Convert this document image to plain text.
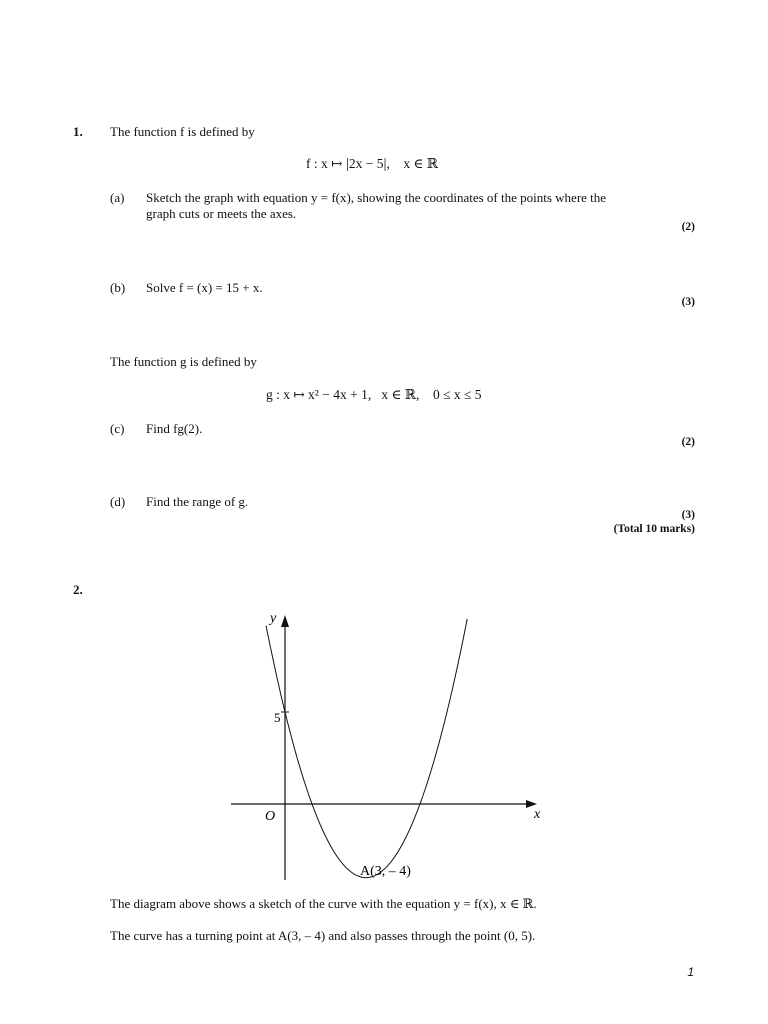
1. The function f is defined by
f : x ↦ |2x − 5|,    x ∈ ℝ
(a) Sketch the graph with equation y = f(x), showing the coordinates of the points where the
graph cuts or meets the axes.
(2)
(b) Solve f = (x) = 15 + x.
(3)
The function g is defined by
g : x ↦ x² − 4x + 1, x ∈ ℝ, 0 ≤ x ≤ 5
(c) Find fg(2).
(2)
(d) Find the range of g.
(3)
(Total 10 marks)
2.
y
x
O
5
A(3, – 4)
The diagram above shows a sketch of the curve with the equation y = f(x), x ∈ ℝ.
The curve has a turning point at A(3, – 4) and also passes through the point (0, 5).
1
